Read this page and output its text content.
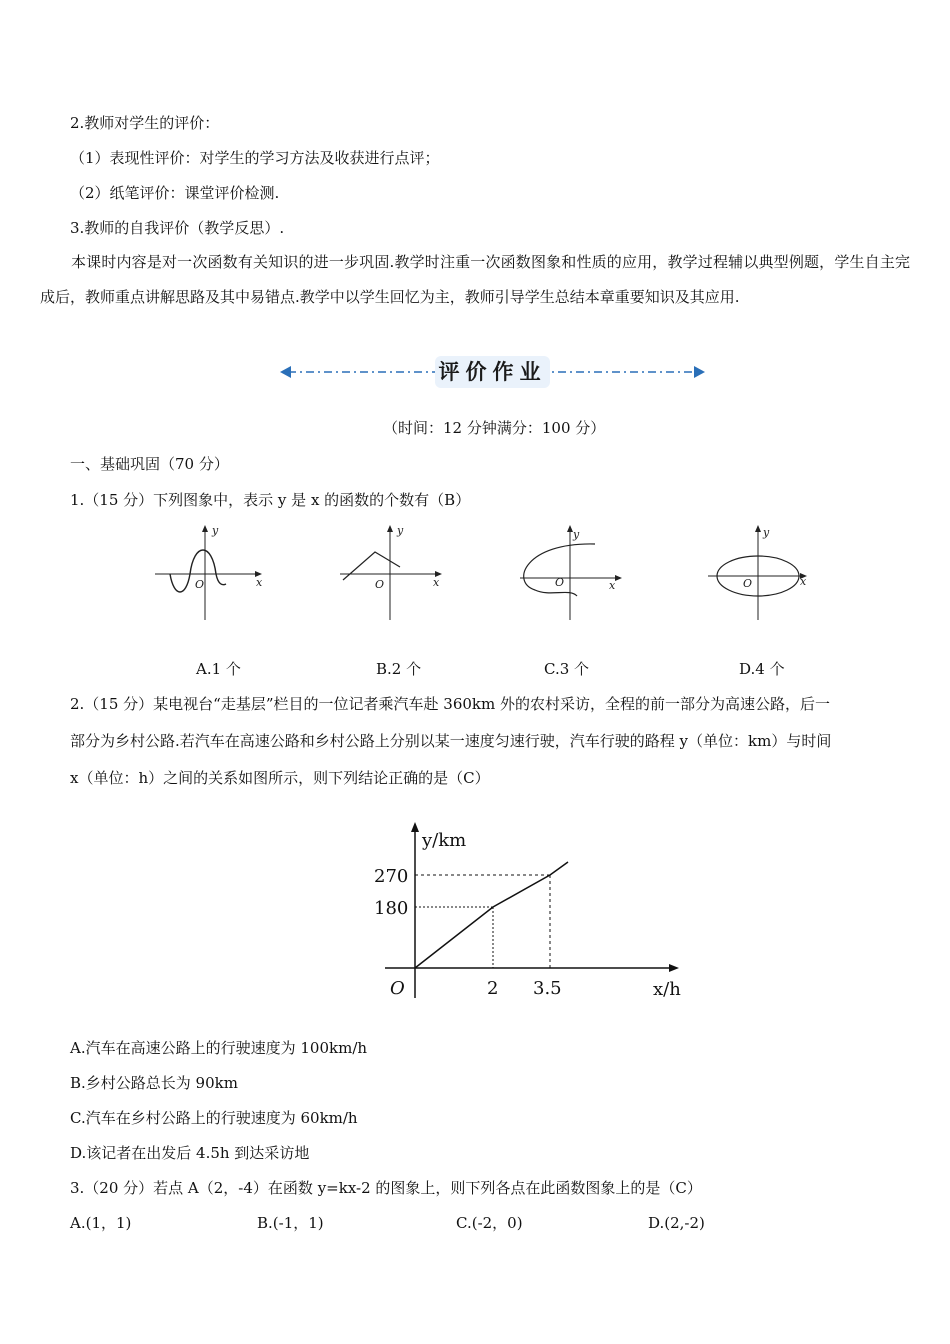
2.教师对学生的评价：
（1）表现性评价：对学生的学习方法及收获进行点评；
（2）纸笔评价：课堂评价检测.
3.教师的自我评价（教学反思）.
本课时内容是对一次函数有关知识的进一步巩固.教学时注重一次函数图象和性质的应用，教学过程辅以典型例题，学生自主完成后，教师重点讲解思路及其中易错点.教学中以学生回忆为主，教师引导学生总结本章重要知识及其应用.
评价作业
（时间：12 分钟满分：100 分）
一、基础巩固（70 分）
1.（15 分）下列图象中，表示 y 是 x 的函数的个数有（B）
y
x
O
y
x
O
y
x
O
y
x
O
A.1 个	B.2 个	C.3 个	D.4 个
2.（15 分）某电视台“走基层”栏目的一位记者乘汽车赴 360km 外的农村采访，全程的前一部分为高速公路，后一
部分为乡村公路.若汽车在高速公路和乡村公路上分别以某一速度匀速行驶，汽车行驶的路程 y（单位：km）与时间
x（单位：h）之间的关系如图所示，则下列结论正确的是（C）
y/km
x/h
O
270
180
2 3.5
A.汽车在高速公路上的行驶速度为 100km/h
B.乡村公路总长为 90km
C.汽车在乡村公路上的行驶速度为 60km/h
D.该记者在出发后 4.5h 到达采访地
3.（20 分）若点 A（2，-4）在函数 y=kx-2 的图象上，则下列各点在此函数图象上的是（C）
A.(1，1)	B.(-1，1)	C.(-2，0)	D.(2,-2)
